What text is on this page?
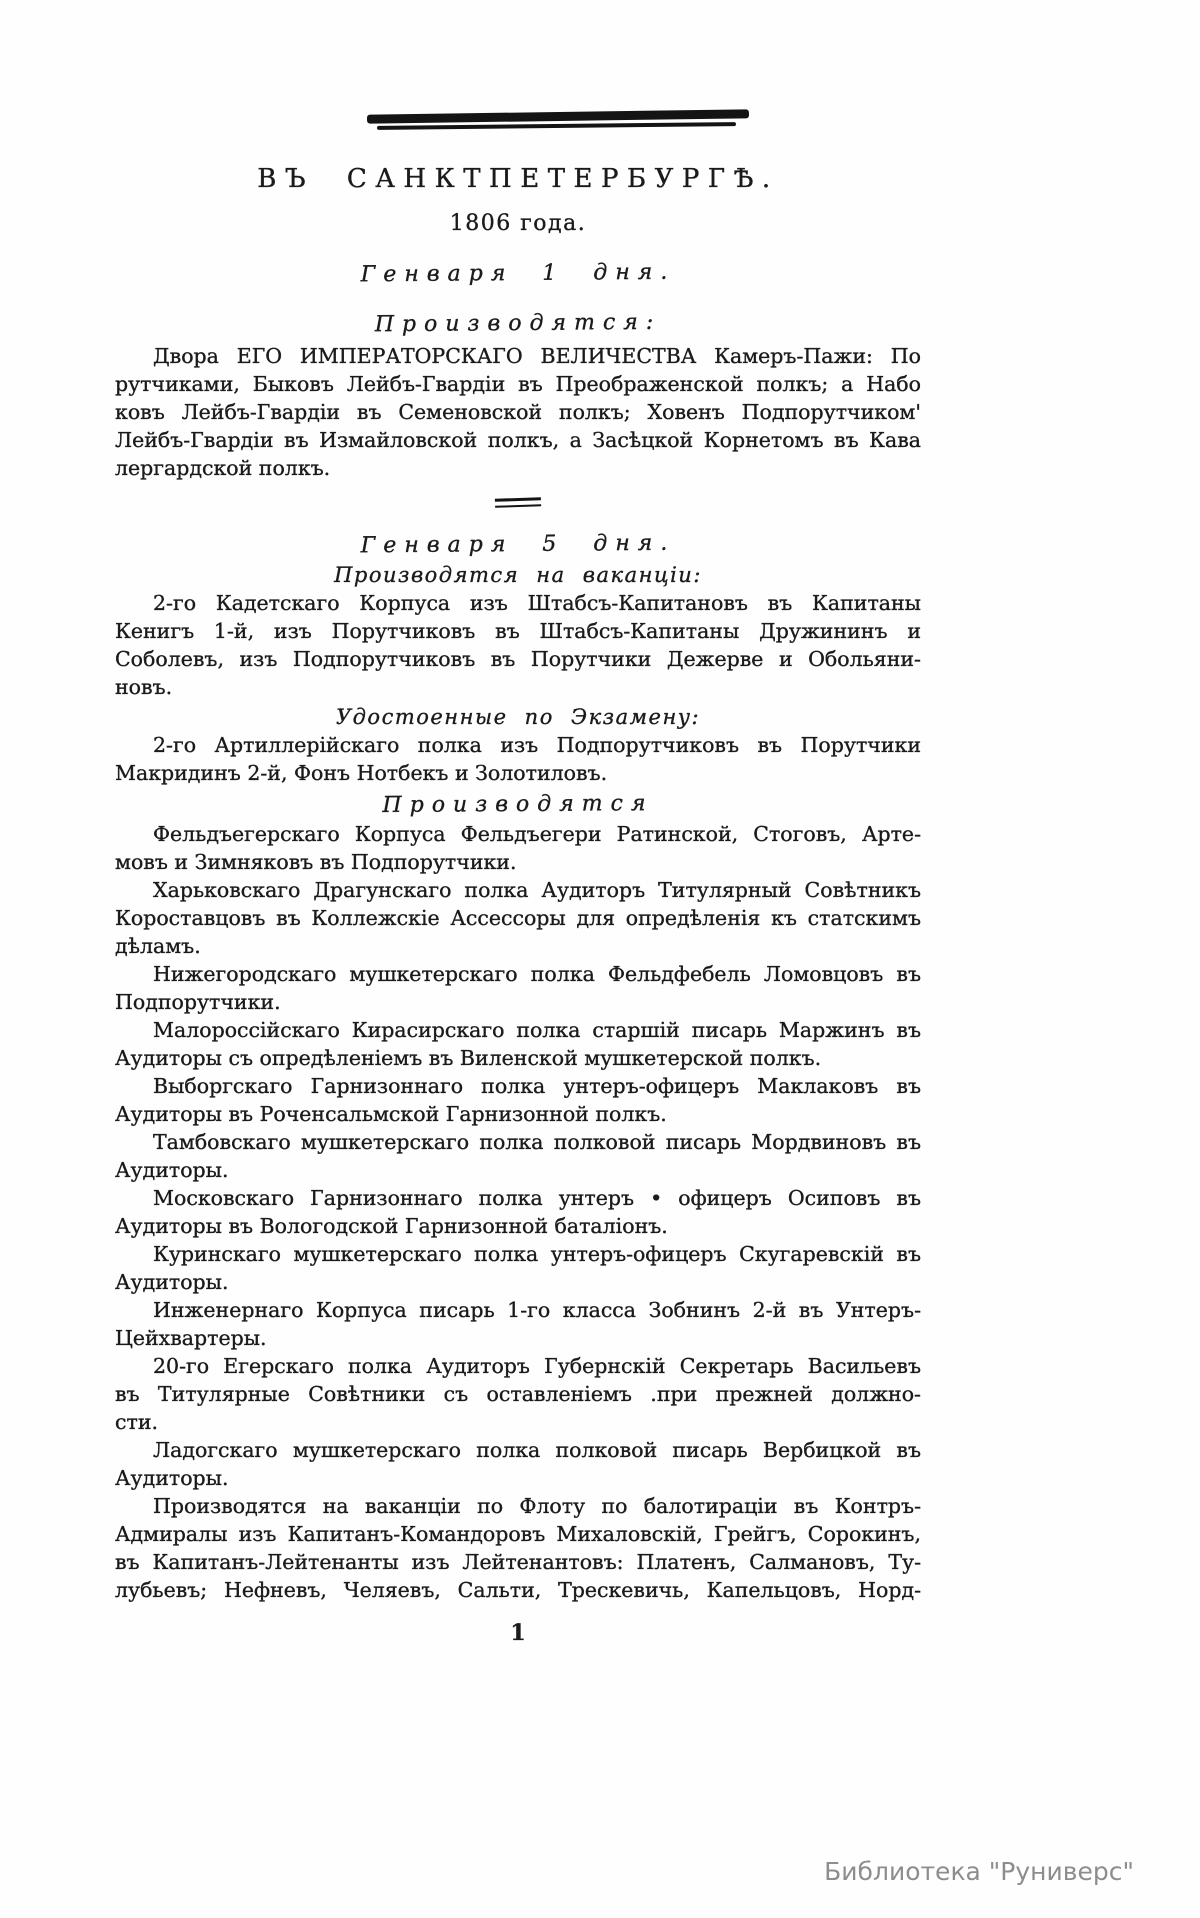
ВЪ САНКТПЕТЕРБУРГѢ.
1806 года.
Генваря 1 дня.
Производятся:
Двора ЕГО ИМПЕРАТОРСКАГО ВЕЛИЧЕСТВА Камеръ-Пажи: По
рутчиками, Быковъ Лейбъ-Гвардіи въ Преображенской полкъ; а Набо
ковъ Лейбъ-Гвардіи въ Семеновской полкъ; Ховенъ Подпорутчиком'
Лейбъ-Гвардіи въ Измайловской полкъ, а Засѣцкой Корнетомъ въ Кава
лергардской полкъ.
Генваря 5 дня.
Производятся на ваканціи:
2-го Кадетскаго Корпуса изъ Штабсъ-Капитановъ въ Капитаны
Кенигъ 1-й, изъ Порутчиковъ въ Штабсъ-Капитаны Дружининъ и
Соболевъ, изъ Подпорутчиковъ въ Порутчики Дежерве и Обольяни-
новъ.
Удостоенные по Экзамену:
2-го Артиллерійскаго полка изъ Подпорутчиковъ въ Порутчики
Макридинъ 2-й, Фонъ Нотбекъ и Золотиловъ.
Производятся
Фельдъегерскаго Корпуса Фельдъегери Ратинской, Стоговъ, Арте-
мовъ и Зимняковъ въ Подпорутчики.
Харьковскаго Драгунскаго полка Аудиторъ Титулярный Совѣтникъ
Короставцовъ въ Коллежскіе Ассессоры для опредѣленія къ статскимъ
дѣламъ.
Нижегородскаго мушкетерскаго полка Фельдфебель Ломовцовъ въ
Подпорутчики.
Малороссійскаго Кирасирскаго полка старшій писарь Маржинъ въ
Аудиторы съ опредѣленіемъ въ Виленской мушкетерской полкъ.
Выборгскаго Гарнизоннаго полка унтеръ-офицеръ Маклаковъ въ
Аудиторы въ Роченсальмской Гарнизонной полкъ.
Тамбовскаго мушкетерскаго полка полковой писарь Мордвиновъ въ
Аудиторы.
Московскаго Гарнизоннаго полка унтеръ • офицеръ Осиповъ въ
Аудиторы въ Вологодской Гарнизонной баталіонъ.
Куринскаго мушкетерскаго полка унтеръ-офицеръ Скугаревскій въ
Аудиторы.
Инженернаго Корпуса писарь 1-го класса Зобнинъ 2-й въ Унтеръ-
Цейхвартеры.
20-го Егерскаго полка Аудиторъ Губернскій Секретарь Васильевъ
въ Титулярные Совѣтники съ оставленіемъ .при прежней должно-
сти.
Ладогскаго мушкетерскаго полка полковой писарь Вербицкой въ
Аудиторы.
Производятся на ваканціи по Флоту по балотираціи въ Контръ-
Адмиралы изъ Капитанъ-Командоровъ Михаловскій, Грейгъ, Сорокинъ,
въ Капитанъ-Лейтенанты изъ Лейтенантовъ: Платенъ, Салмановъ, Ту-
лубьевъ; Нефневъ, Челяевъ, Сальти, Трескевичь, Капельцовъ, Норд-
1
Библиотека "Руниверс"
